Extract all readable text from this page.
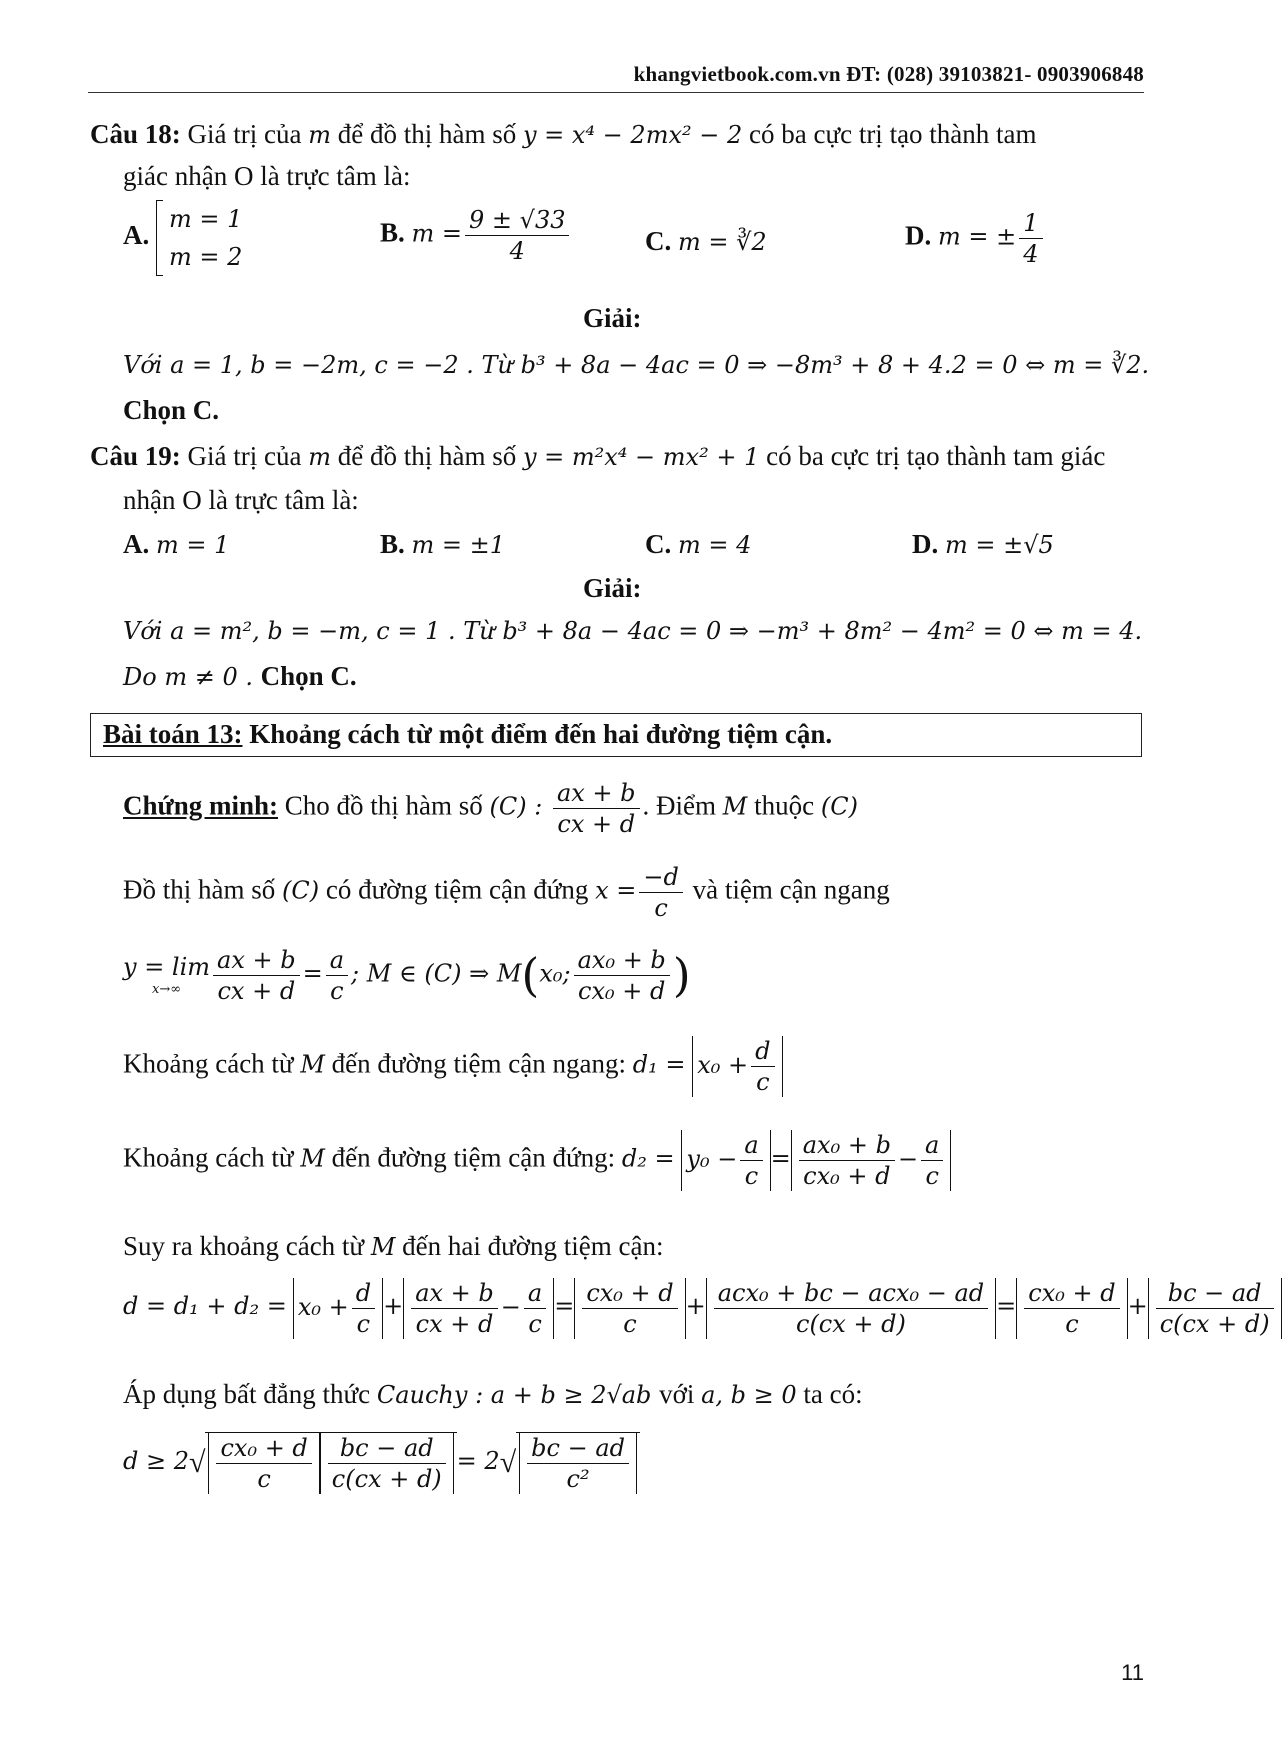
khangvietbook.com.vn ĐT: (028) 39103821- 0903906848
Câu 18: Giá trị của m để đồ thị hàm số y = x⁴ − 2mx² − 2 có ba cực trị tạo thành tam
giác nhận O là trực tâm là:
A.
m = 1
m = 2
B. $m = \frac{9 \pm √33}{4}$	C. m = ∛2	D. m = ± $\frac{1}{4}$
Giải:
Với a = 1, b = −2m, c = −2 . Từ b³ + 8a − 4ac = 0 ⇒ −8m³ + 8 + 4.2 = 0 ⇔ m = ∛2.
Chọn C.
Câu 19: Giá trị của m để đồ thị hàm số y = m²x⁴ − mx² + 1 có ba cực trị tạo thành tam giác
nhận O là trực tâm là:
A. m = 1	B. m = ±1	C. m = 4	D. m = ±√5
Giải:
Với a = m², b = −m, c = 1 . Từ b³ + 8a − 4ac = 0 ⇒ −m³ + 8m² − 4m² = 0 ⇔ m = 4.
Do m ≠ 0 . Chọn C.
Bài toán 13: Khoảng cách từ một điểm đến hai đường tiệm cận.
Chứng minh: Cho đồ thị hàm số (C) : $\frac{ax + b}{cx + d}$ . Điểm M thuộc (C)
Đồ thị hàm số (C) có đường tiệm cận đứng $x = \frac{-d}{c}$ và tiệm cận ngang
y = lim
x→∞	$\frac{ax + b}{cx + d} = \frac{a}{c}$ ; M ∈ (C) ⇒ M(x₀; $\frac{\text{ax₀ + b}}{\text{cx₀ + d}}$ )
Khoảng cách từ M đến đường tiệm cận ngang: $d_1 = x_0 + \frac{d}{c}$
Khoảng cách từ M đến đường tiệm cận đứng: $d_2 = y_0 - \frac{a}{c} = \frac{\text{ax₀ + b}}{\text{cx₀ + d}} - \frac{a}{c}$
Suy ra khoảng cách từ M đến hai đường tiệm cận:
$d = d_1 + d_2 = x_0 + \frac{d}{c} + \frac{ax + b}{cx + d} - \frac{a}{c} = \frac{\text{cx₀ + d}}{c} + \frac{\text{acx₀ + bc − acx₀ − ad}}{c(cx + d)} = \frac{\text{cx₀ + d}}{c} + \frac{bc - ad}{c(cx + d)}$
Áp dụng bất đẳng thức Cauchy : a + b ≥ 2√ab với a, b ≥ 0 ta có:
$d \ge 2√ \frac{\text{cx₀ + d}}{c} \frac{bc - ad}{c(cx + d)} = 2√ \frac{bc - ad}{\text{c²}}$
11
